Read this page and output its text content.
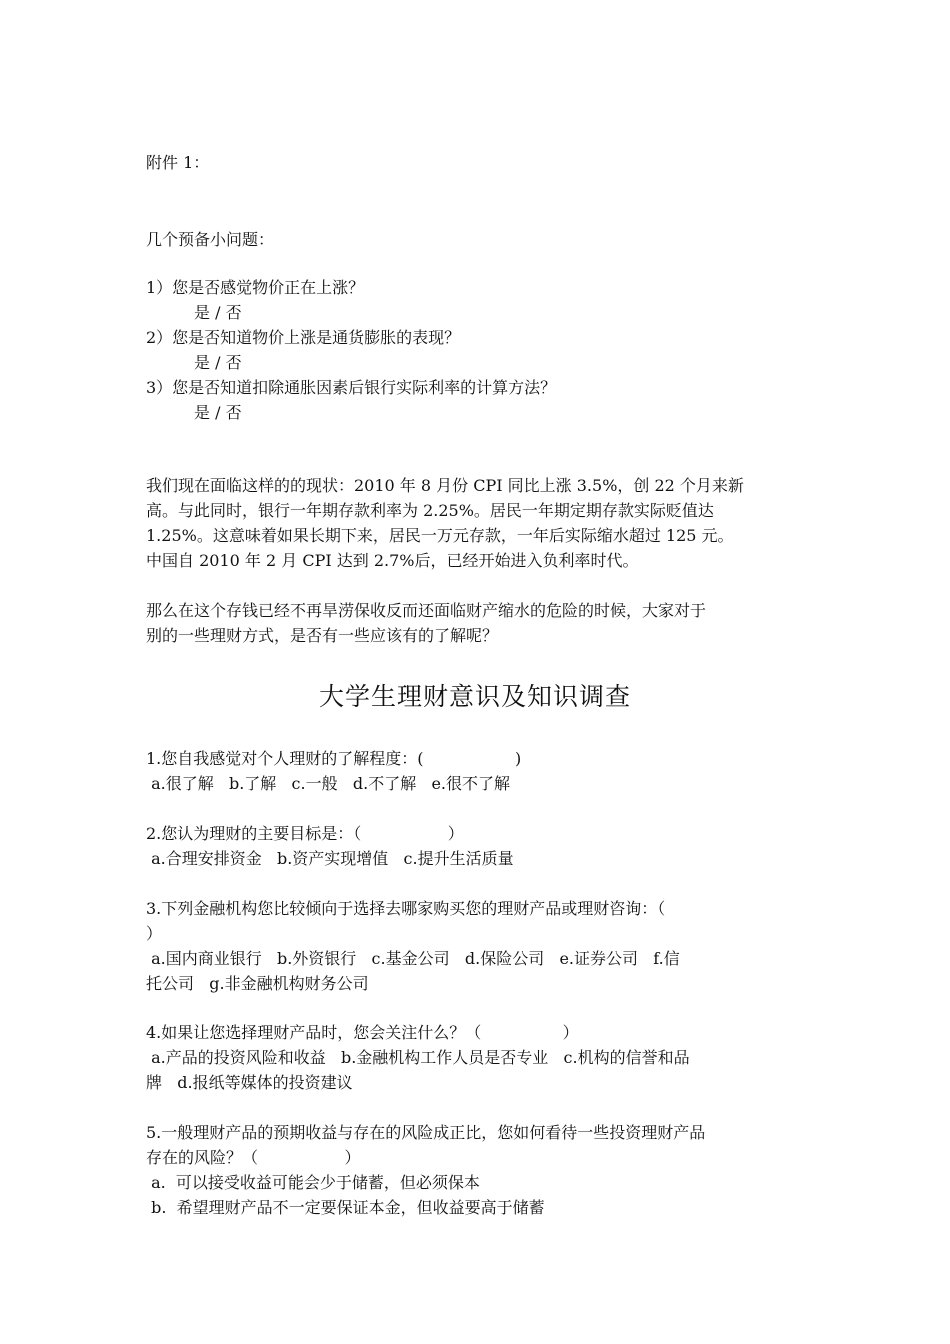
附件 1：
几个预备小问题：
1）您是否感觉物价正在上涨？
是 / 否
2）您是否知道物价上涨是通货膨胀的表现？
是 / 否
3）您是否知道扣除通胀因素后银行实际利率的计算方法？
是 / 否
我们现在面临这样的的现状：2010 年 8 月份 CPI 同比上涨 3.5%，创 22 个月来新
高。与此同时，银行一年期存款利率为 2.25%。居民一年期定期存款实际贬值达
1.25%。这意味着如果长期下来，居民一万元存款，一年后实际缩水超过 125 元。
中国自 2010 年 2 月 CPI 达到 2.7%后，已经开始进入负利率时代。
那么在这个存钱已经不再旱涝保收反而还面临财产缩水的危险的时候，大家对于
别的一些理财方式，是否有一些应该有的了解呢？
大学生理财意识及知识调查
1.您自我感觉对个人理财的了解程度：(                  )
a.很了解   b.了解   c.一般   d.不了解   e.很不了解
2.您认为理财的主要目标是：（                 ）
a.合理安排资金   b.资产实现增值   c.提升生活质量
3.下列金融机构您比较倾向于选择去哪家购买您的理财产品或理财咨询：（
）
a.国内商业银行   b.外资银行   c.基金公司   d.保险公司   e.证券公司   f.信
托公司   g.非金融机构财务公司
4.如果让您选择理财产品时，您会关注什么？（                ）
a.产品的投资风险和收益   b.金融机构工作人员是否专业   c.机构的信誉和品
牌   d.报纸等媒体的投资建议
5.一般理财产品的预期收益与存在的风险成正比，您如何看待一些投资理财产品
存在的风险？（                 ）
a.  可以接受收益可能会少于储蓄，但必须保本
b.  希望理财产品不一定要保证本金，但收益要高于储蓄
